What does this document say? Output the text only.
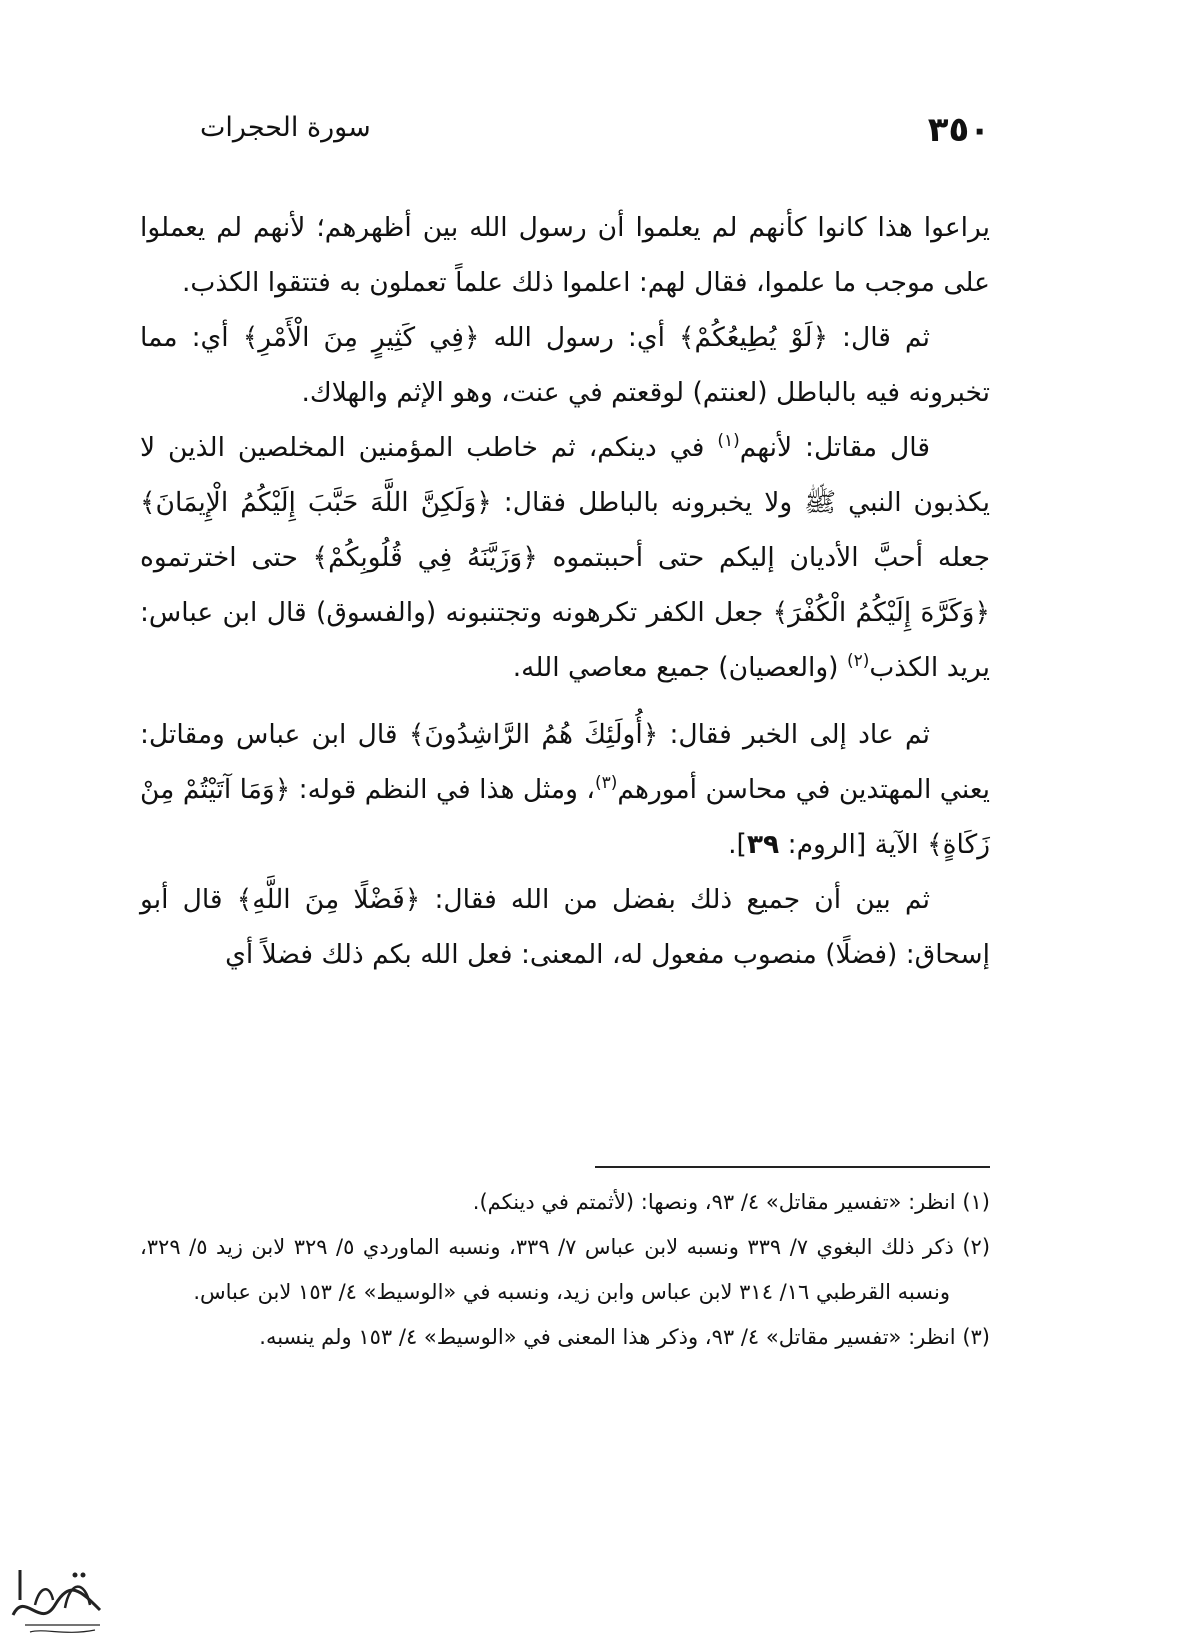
٣٥٠
سورة الحجرات

يراعوا هذا كانوا كأنهم لم يعلموا أن رسول الله بين أظهرهم؛ لأنهم لم يعملوا على موجب ما علموا، فقال لهم: اعلموا ذلك علماً تعملون به فتتقوا الكذب.

ثم قال: ﴿لَوْ يُطِيعُكُمْ﴾ أي: رسول الله ﴿فِي كَثِيرٍ مِنَ الْأَمْرِ﴾ أي: مما تخبرونه فيه بالباطل (لعنتم) لوقعتم في عنت، وهو الإثم والهلاك.

قال مقاتل: لأنهم$^{(١)}$ في دينكم، ثم خاطب المؤمنين المخلصين الذين لا يكذبون النبي ﷺ ولا يخبرونه بالباطل فقال: ﴿وَلَكِنَّ اللَّهَ حَبَّبَ إِلَيْكُمُ الْإِيمَانَ﴾ جعله أحبَّ الأديان إليكم حتى أحببتموه ﴿وَزَيَّنَهُ فِي قُلُوبِكُمْ﴾ حتى اخترتموه ﴿وَكَرَّهَ إِلَيْكُمُ الْكُفْرَ﴾ جعل الكفر تكرهونه وتجتنبونه (والفسوق) قال ابن عباس: يريد الكذب$^{(٢)}$ (والعصيان) جميع معاصي الله.

ثم عاد إلى الخبر فقال: ﴿أُولَئِكَ هُمُ الرَّاشِدُونَ﴾ قال ابن عباس ومقاتل: يعني المهتدين في محاسن أمورهم$^{(٣)}$، ومثل هذا في النظم قوله: ﴿وَمَا آتَيْتُمْ مِنْ زَكَاةٍ﴾ الآية [الروم: ٣٩].

ثم بين أن جميع ذلك بفضل من الله فقال: ﴿فَضْلًا مِنَ اللَّهِ﴾ قال أبو إسحاق: (فضلًا) منصوب مفعول له، المعنى: فعل الله بكم ذلك فضلاً أي

(١) انظر: «تفسير مقاتل» ٤/ ٩٣، ونصها: (لأثمتم في دينكم).

(٢) ذكر ذلك البغوي ٧/ ٣٣٩ ونسبه لابن عباس ٧/ ٣٣٩، ونسبه الماوردي ٥/ ٣٢٩ لابن زيد ٥/ ٣٢٩، ونسبه القرطبي ١٦/ ٣١٤ لابن عباس وابن زيد، ونسبه في «الوسيط» ٤/ ١٥٣ لابن عباس.

(٣) انظر: «تفسير مقاتل» ٤/ ٩٣، وذكر هذا المعنى في «الوسيط» ٤/ ١٥٣ ولم ينسبه.
